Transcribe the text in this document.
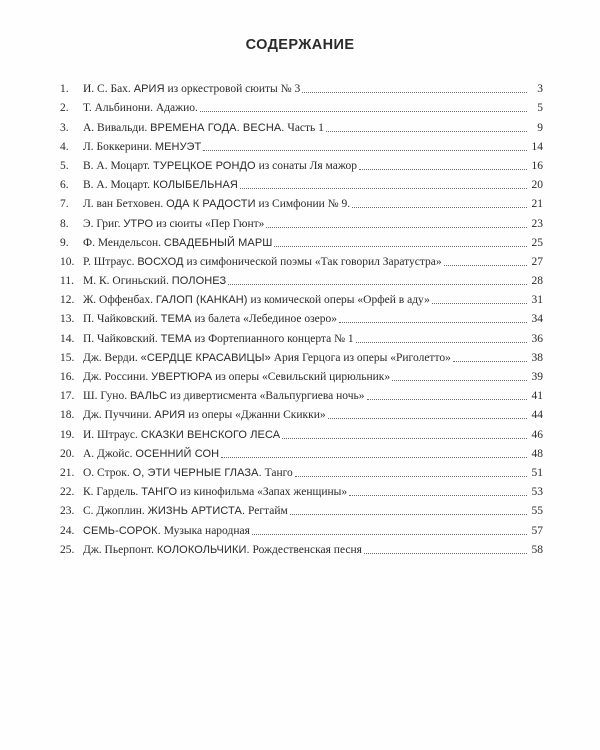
СОДЕРЖАНИЕ
1.	И. С. Бах. АРИЯ из оркестровой сюиты № 3	3
2.	Т. Альбинони. Адажио.	5
3.	А. Вивальди. ВРЕМЕНА ГОДА. ВЕСНА. Часть 1	9
4.	Л. Боккерини. МЕНУЭТ	14
5.	В. А. Моцарт. ТУРЕЦКОЕ РОНДО из сонаты Ля мажор	16
6.	В. А. Моцарт. КОЛЫБЕЛЬНАЯ	20
7.	Л. ван Бетховен. ОДА К РАДОСТИ из Симфонии № 9.	21
8.	Э. Григ. УТРО из сюиты «Пер Гюнт»	23
9.	Ф. Мендельсон. СВАДЕБНЫЙ МАРШ	25
10. Р. Штраус. ВОСХОД из симфонической поэмы «Так говорил Заратустра»	27
11. М. К. Огиньский. ПОЛОНЕЗ	28
12. Ж. Оффенбах. ГАЛОП (КАНКАН) из комической оперы «Орфей в аду»	31
13. П. Чайковский. ТЕМА из балета «Лебединое озеро»	34
14. П. Чайковский. ТЕМА из Фортепианного концерта № 1	36
15. Дж. Верди. «СЕРДЦЕ КРАСАВИЦЫ» Ария Герцога из оперы «Риголетто»	38
16. Дж. Россини. УВЕРТЮРА из оперы «Севильский цирюльник»	39
17. Ш. Гуно. ВАЛЬС из дивертисмента «Вальпургиева ночь»	41
18. Дж. Пуччини. АРИЯ из оперы «Джанни Скикки»	44
19. И. Штраус. СКАЗКИ ВЕНСКОГО ЛЕСА	46
20. А. Джойс. ОСЕННИЙ СОН	48
21. О. Строк. О, ЭТИ ЧЕРНЫЕ ГЛАЗА. Танго	51
22. К. Гардель. ТАНГО из кинофильма «Запах женщины»	53
23. С. Джоплин. ЖИЗНЬ АРТИСТА. Регтайм	55
24. СЕМЬ-СОРОК. Музыка народная	57
25. Дж. Пьерпонт. КОЛОКОЛЬЧИКИ. Рождественская песня	58
